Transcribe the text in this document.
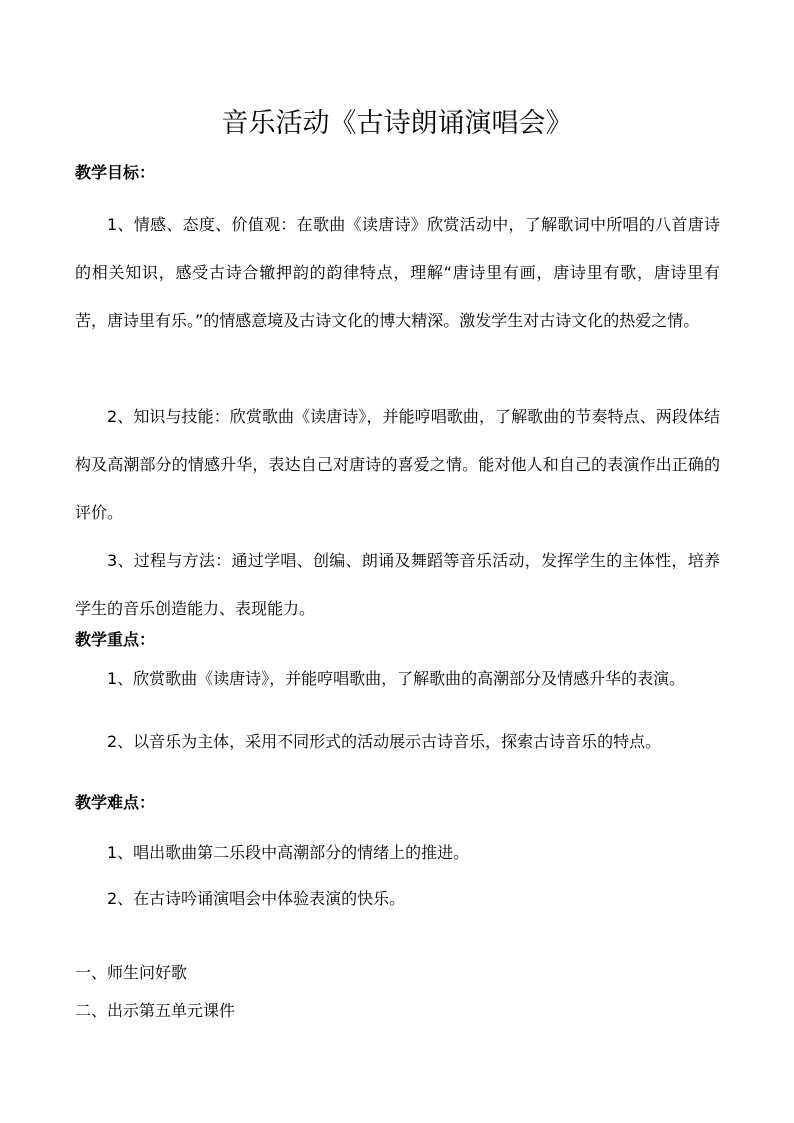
音乐活动《古诗朗诵演唱会》
教学目标：
1、情感、态度、价值观：在歌曲《读唐诗》欣赏活动中，了解歌词中所唱的八首唐诗的相关知识，感受古诗合辙押韵的韵律特点，理解“唐诗里有画，唐诗里有歌，唐诗里有苦，唐诗里有乐。”的情感意境及古诗文化的博大精深。激发学生对古诗文化的热爱之情。
2、知识与技能：欣赏歌曲《读唐诗》，并能哼唱歌曲，了解歌曲的节奏特点、两段体结构及高潮部分的情感升华，表达自己对唐诗的喜爱之情。能对他人和自己的表演作出正确的评价。
3、过程与方法：通过学唱、创编、朗诵及舞蹈等音乐活动，发挥学生的主体性，培养学生的音乐创造能力、表现能力。
教学重点：
1、欣赏歌曲《读唐诗》，并能哼唱歌曲，了解歌曲的高潮部分及情感升华的表演。
2、以音乐为主体，采用不同形式的活动展示古诗音乐，探索古诗音乐的特点。
教学难点：
1、唱出歌曲第二乐段中高潮部分的情绪上的推进。
2、在古诗吟诵演唱会中体验表演的快乐。
一、师生问好歌
二、出示第五单元课件
